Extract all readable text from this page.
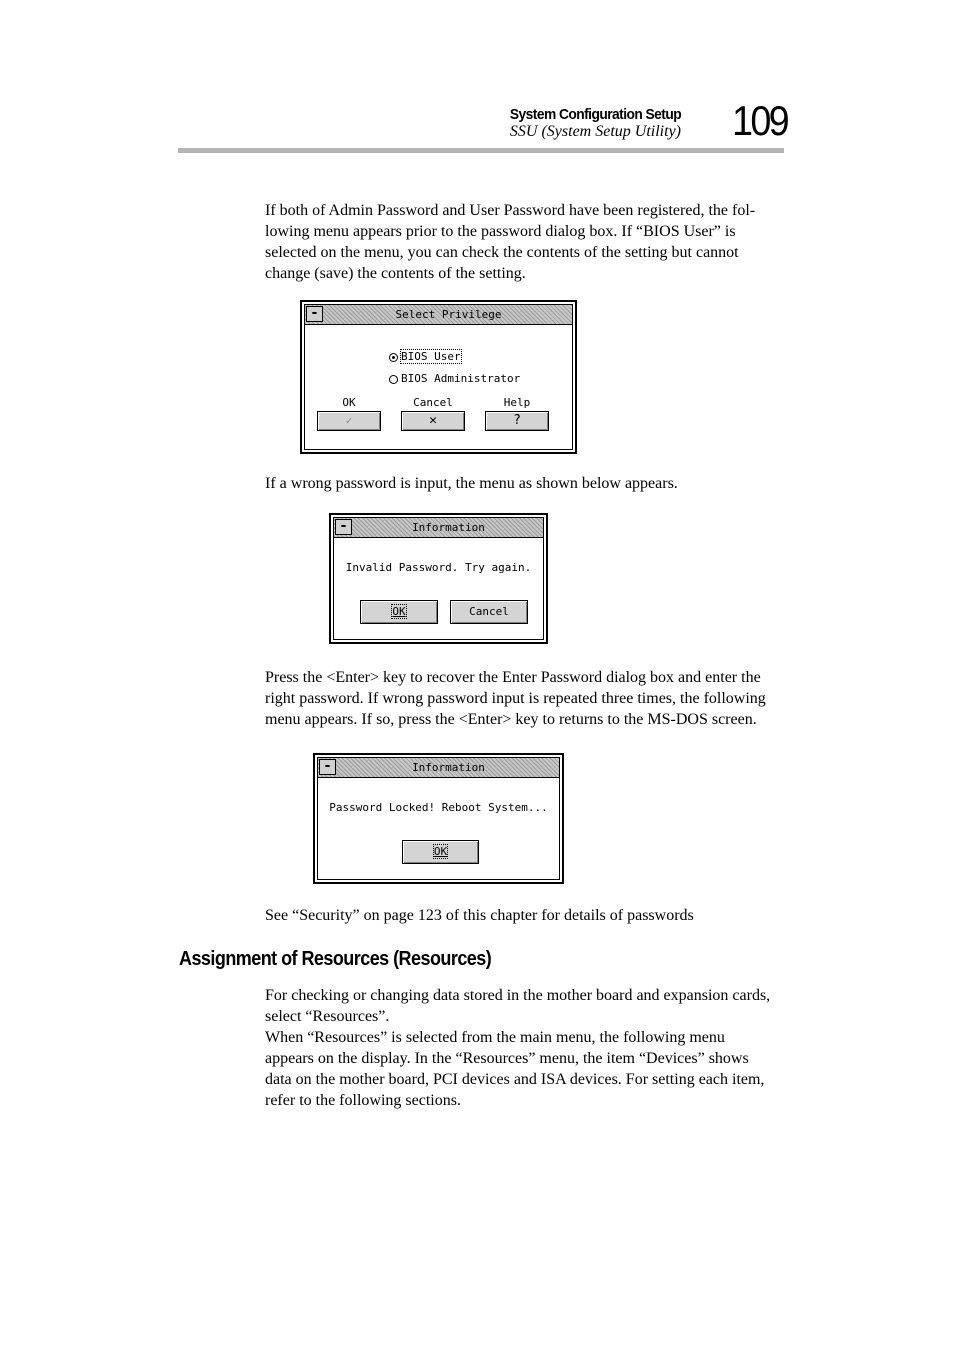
System Configuration Setup
SSU (System Setup Utility) 109
If both of Admin Password and User Password have been registered, the fol-
lowing menu appears prior to the password dialog box. If “BIOS User” is
selected on the menu, you can check the contents of the setting but cannot
change (save) the contents of the setting.
-	Select Privilege
BIOS User
BIOS Administrator
OK
✓
Cancel
✕
Help
?
If a wrong password is input, the menu as shown below appears.
-	Information
Invalid Password. Try again.
OK	Cancel
Press the <Enter> key to recover the Enter Password dialog box and enter the
right password. If wrong password input is repeated three times, the following
menu appears. If so, press the <Enter> key to returns to the MS-DOS screen.
-	Information
Password Locked! Reboot System...
OK
See “Security” on page 123 of this chapter for details of passwords
Assignment of Resources (Resources)
For checking or changing data stored in the mother board and expansion cards,
select “Resources”.
When “Resources” is selected from the main menu, the following menu
appears on the display. In the “Resources” menu, the item “Devices” shows
data on the mother board, PCI devices and ISA devices. For setting each item,
refer to the following sections.
